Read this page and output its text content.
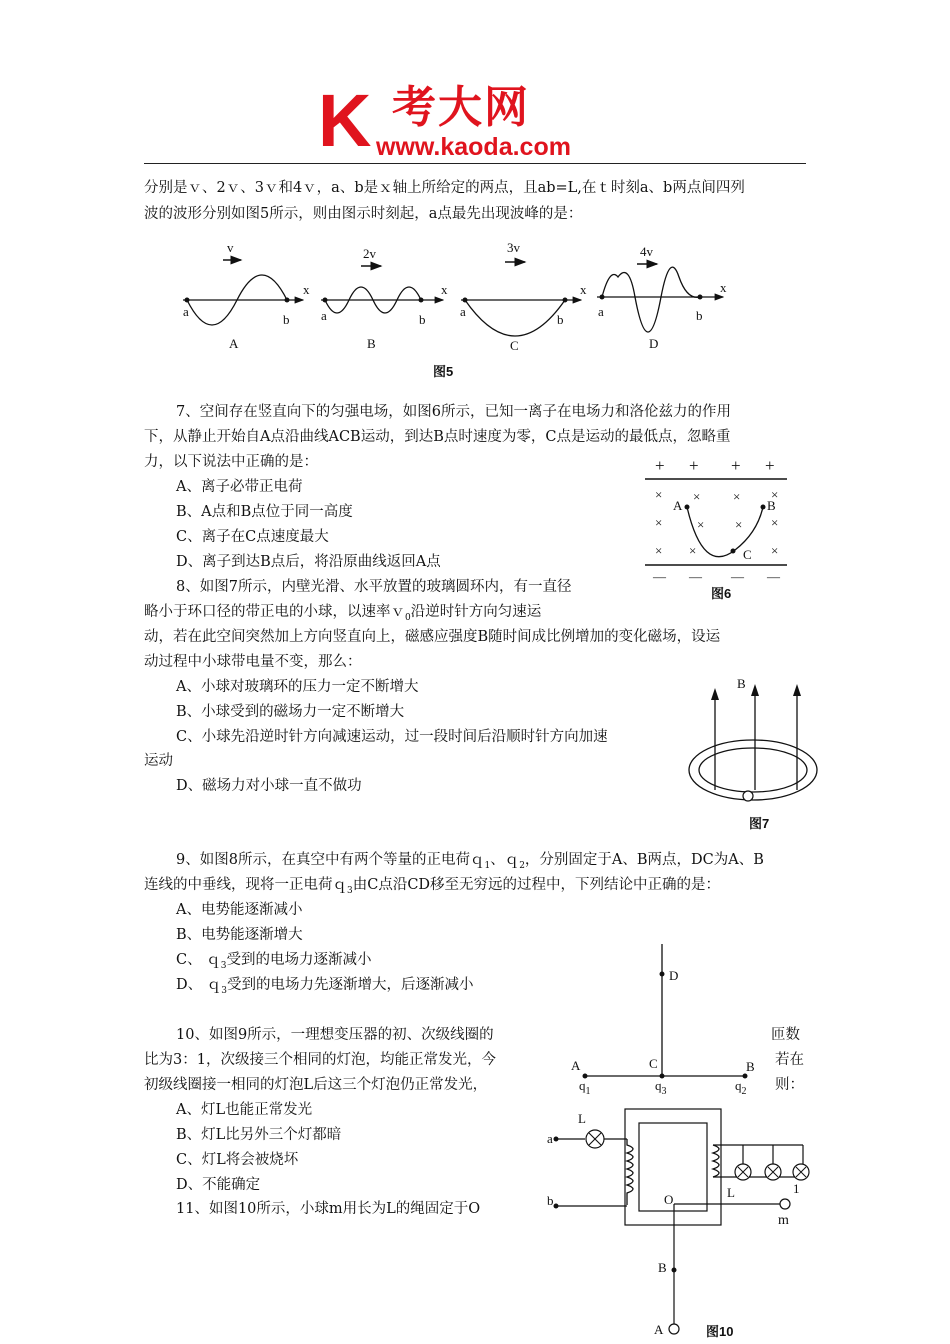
K 考大网
www.kaoda.com
分别是ｖ、2ｖ、3ｖ和4ｖ，a、b是ｘ轴上所给定的两点，且ab=L,在ｔ时刻a、b两点间四列
波的波形分别如图5所示，则由图示时刻起，a点最先出现波峰的是：
v
a
b
x
A
2v
a	b
x
B
3v
a
b
x
C
4v
a	b
x
D
图5
7、空间存在竖直向下的匀强电场，如图6所示，已知一离子在电场力和洛伦兹力的作用
下，从静止开始自A点沿曲线ACB运动，到达B点时速度为零，C点是运动的最低点，忽略重
力，以下说法中正确的是：
A、离子必带正电荷
B、A点和B点位于同一高度
C、离子在C点速度最大
D、离子到达B点后，将沿原曲线返回A点
+ + + +
× ×	× ×
×	× × ×
× ×	×
A	B
C
— — — —
图6
8、如图7所示，内壁光滑、水平放置的玻璃圆环内，有一直径
略小于环口径的带正电的小球，以速率ｖ$_0$沿逆时针方向匀速运
动，若在此空间突然加上方向竖直向上，磁感应强度B随时间成比例增加的变化磁场，设运
动过程中小球带电量不变，那么：
A、小球对玻璃环的压力一定不断增大
B、小球受到的磁场力一定不断增大
C、小球先沿逆时针方向减速运动，过一段时间后沿顺时针方向加速
运动
D、磁场力对小球一直不做功
B
图7
9、如图8所示，在真空中有两个等量的正电荷ｑ$_1$、ｑ$_2$，分别固定于A、B两点，DC为A、B
连线的中垂线，现将一正电荷ｑ$_3$由C点沿CD移至无穷远的过程中，下列结论中正确的是：
A、电势能逐渐减小
B、电势能逐渐增大
C、 ｑ$_3$受到的电场力逐渐减小
D、 ｑ$_3$受到的电场力先逐渐增大，后逐渐减小
D
A	C	B
$q_1$	$q_3$	$q_2$
10、如图9所示，一理想变压器的初、次级线圈的	匝数
比为3：1，次级接三个相同的灯泡，均能正常发光，今	若在
初级线圈接一相同的灯泡L后这三个灯泡仍正常发光，	则：
A、灯L也能正常发光
B、灯L比另外三个灯都暗
C、灯L将会被烧坏
D、不能确定
L
a
b
L	1
11、如图10所示，小球m用长为L的绳固定于O
O
m
B
A	图10
